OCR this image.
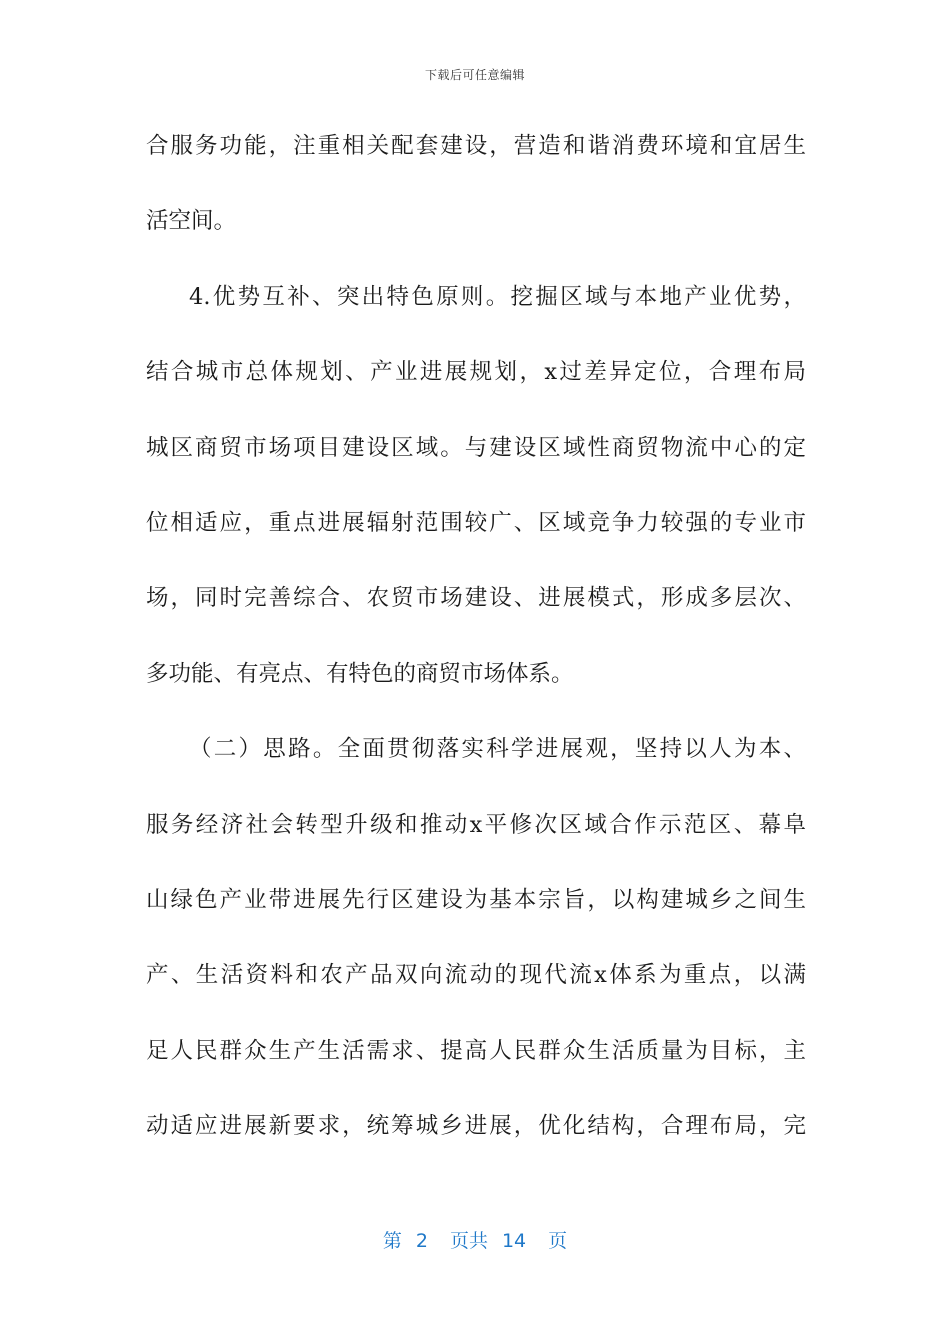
下载后可任意编辑
合服务功能，注重相关配套建设，营造和谐消费环境和宜居生
活空间。
4.优势互补、突出特色原则。挖掘区域与本地产业优势，
结合城市总体规划、产业进展规划，x过差异定位，合理布局
城区商贸市场项目建设区域。与建设区域性商贸物流中心的定
位相适应，重点进展辐射范围较广、区域竞争力较强的专业市
场，同时完善综合、农贸市场建设、进展模式，形成多层次、
多功能、有亮点、有特色的商贸市场体系。
（二）思路。全面贯彻落实科学进展观，坚持以人为本、
服务经济社会转型升级和推动x平修次区域合作示范区、幕阜
山绿色产业带进展先行区建设为基本宗旨，以构建城乡之间生
产、生活资料和农产品双向流动的现代流x体系为重点，以满
足人民群众生产生活需求、提高人民群众生活质量为目标，主
动适应进展新要求，统筹城乡进展，优化结构，合理布局，完
第 2 页共 14 页
